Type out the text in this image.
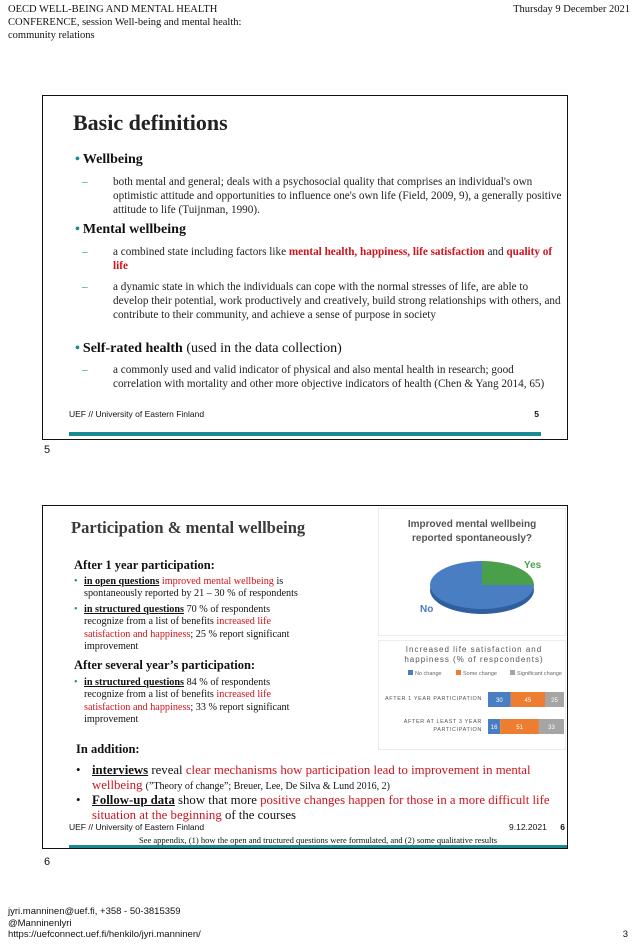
OECD WELL-BEING AND MENTAL HEALTH
CONFERENCE, session Well-being and mental health:
community relations
Thursday 9 December 2021
Basic definitions
• Wellbeing
– both mental and general; deals with a psychosocial quality that comprises an individual's own optimistic attitude and opportunities to influence one's own life (Field, 2009, 9), a generally positive attitude to life (Tuijnman, 1990).
• Mental wellbeing
– a combined state including factors like mental health, happiness, life satisfaction and quality of life
– a dynamic state in which the individuals can cope with the normal stresses of life, are able to develop their potential, work productively and creatively, build strong relationships with others, and contribute to their community, and achieve a sense of purpose in society
• Self-rated health (used in the data collection)
– a commonly used and valid indicator of physical and also mental health in research; good correlation with mortality and other more objective indicators of health (Chen & Yang 2014, 65)
UEF // University of Eastern Finland	5
5
Participation & mental wellbeing
After 1 year participation:
• in open questions improved mental wellbeing is
spontaneously reported by 21 – 30 % of respondents
• in structured questions 70 % of respondents
recognize from a list of benefits increased life
satisfaction and happiness; 25 % report significant
improvement
After several year’s participation:
• in structured questions 84 % of respondents
recognize from a list of benefits increased life
satisfaction and happiness; 33 % report significant
improvement
In addition:
• interviews reveal clear mechanisms how participation lead to improvement in mental wellbeing (”Theory of change”; Breuer, Lee, De Silva & Lund 2016, 2)
• Follow-up data show that more positive changes happen for those in a more difficult life situation at the beginning of the courses
UEF // University of Eastern Finland	9.12.2021 6
See appendix, (1) how the open and tructured questions were formulated, and (2) some qualitative results
Improved mental wellbeing
reported spontaneously?
Yes
No
Increased life satisfaction and
happiness (% of respcondents)
No change	Some change	Significant change
AFTER 1 YEAR PARTICIPATION 30	45	25
AFTER AT LEAST 3 YEAR
PARTICIPATION 16	51	33
6
jyri.manninen@uef.fi, +358 - 50-3815359
@Manninenlyri
https://uefconnect.uef.fi/henkilo/jyri.manninen/	3
